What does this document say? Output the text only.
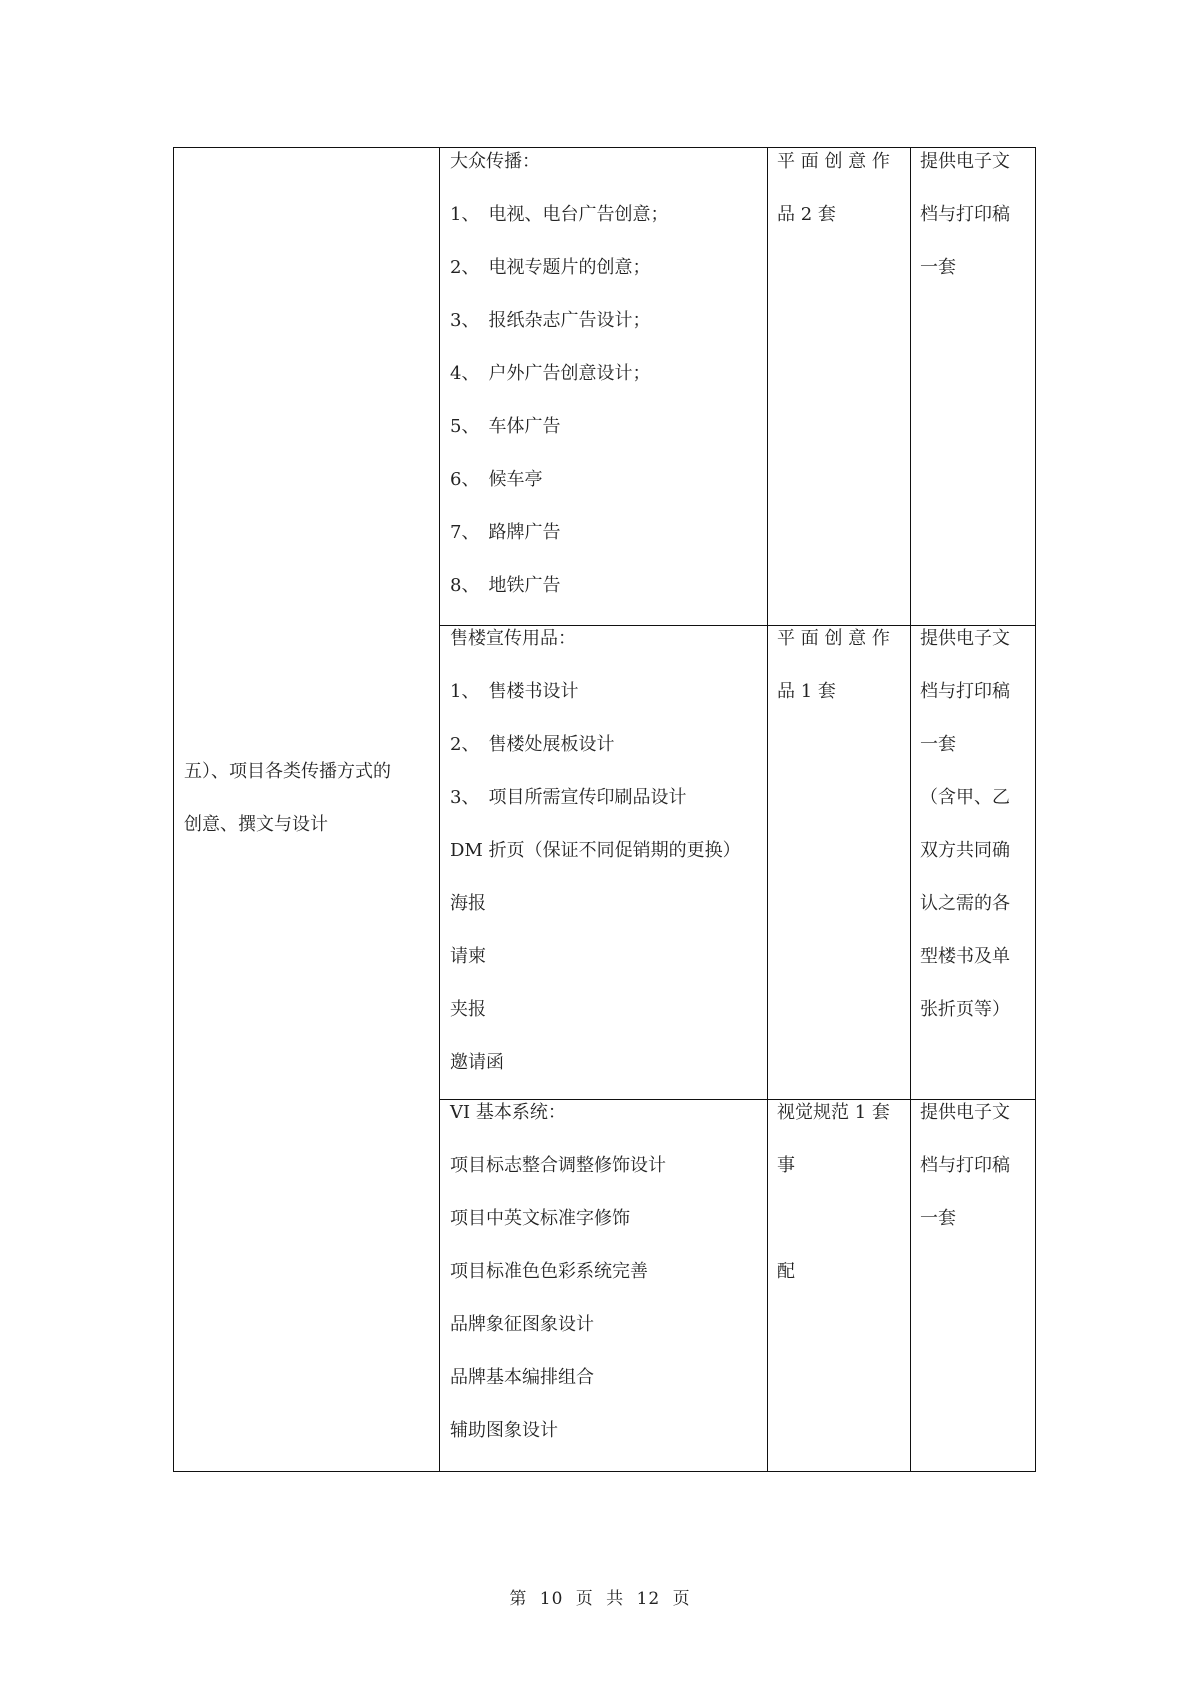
五）、项目各类传播方式的
创意、撰文与设计
大众传播：
1、　电视、电台广告创意；
2、　电视专题片的创意；
3、　报纸杂志广告设计；
4、　户外广告创意设计；
5、　车体广告
6、　候车亭
7、　路牌广告
8、　地铁广告
平 面 创 意 作
品 2 套
提供电子文
档与打印稿
一套
售楼宣传用品：
1、　售楼书设计
2、　售楼处展板设计
3、　项目所需宣传印刷品设计
DM 折页（保证不同促销期的更换）
海报
请柬
夹报
邀请函
平 面 创 意 作
品 1 套
提供电子文
档与打印稿
一套
（含甲、乙
双方共同确
认之需的各
型楼书及单
张折页等）
VI 基本系统：
项目标志整合调整修饰设计
项目中英文标准字修饰
项目标准色色彩系统完善
品牌象征图象设计
品牌基本编排组合
辅助图象设计
视觉规范 1 套
事
配
提供电子文
档与打印稿
一套
第 10 页 共 12 页
